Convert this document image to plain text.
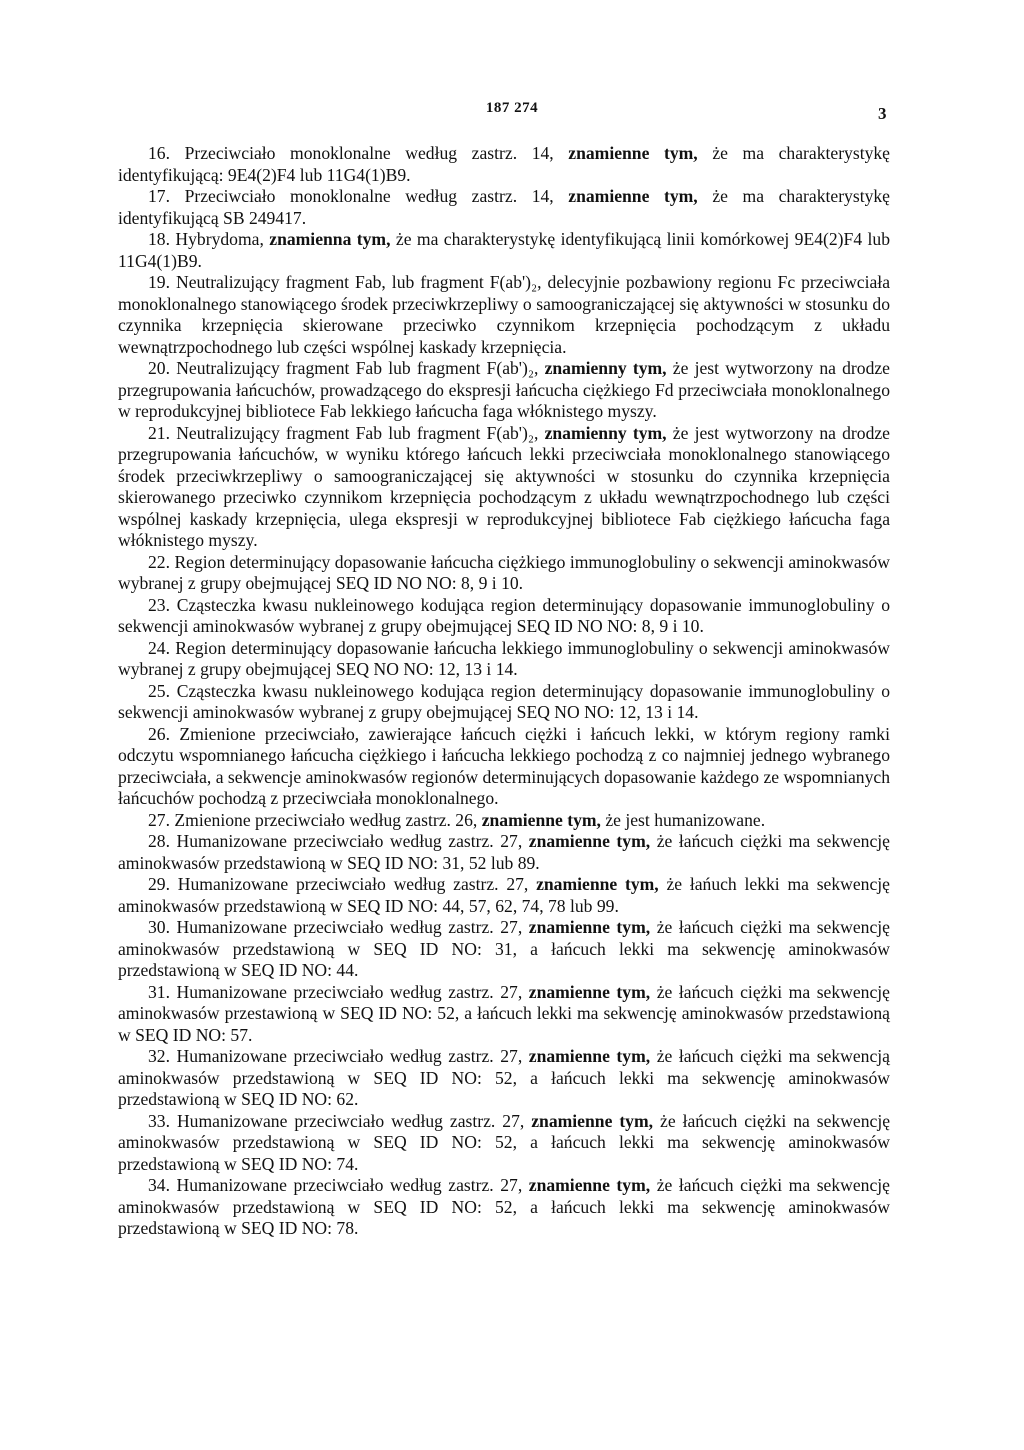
187 274	3

16. Przeciwciało monoklonalne według zastrz. 14, znamienne tym, że ma charakterystykę identyfikującą: 9E4(2)F4 lub 11G4(1)B9.

17. Przeciwciało monoklonalne według zastrz. 14, znamienne tym, że ma charakterystykę identyfikującą SB 249417.

18. Hybrydoma, znamienna tym, że ma charakterystykę identyfikującą linii komórkowej 9E4(2)F4 lub 11G4(1)B9.

19. Neutralizujący fragment Fab, lub fragment F(ab')₂, delecyjnie pozbawiony regionu Fc przeciwciała monoklonalnego stanowiącego środek przeciwkrzepliwy o samoograniczającej się aktywności w stosunku do czynnika krzepnięcia skierowane przeciwko czynnikom krzepnięcia pochodzącym z układu wewnątrzpochodnego lub części wspólnej kaskady krzepnięcia.

20. Neutralizujący fragment Fab lub fragment F(ab')₂, znamienny tym, że jest wytworzony na drodze przegrupowania łańcuchów, prowadzącego do ekspresji łańcucha ciężkiego Fd przeciwciała monoklonalnego w reprodukcyjnej bibliotece Fab lekkiego łańcucha faga włóknistego myszy.

21. Neutralizujący fragment Fab lub fragment F(ab')₂, znamienny tym, że jest wytworzony na drodze przegrupowania łańcuchów, w wyniku którego łańcuch lekki przeciwciała monoklonalnego stanowiącego środek przeciwkrzepliwy o samoograniczającej się aktywności w stosunku do czynnika krzepnięcia skierowanego przeciwko czynnikom krzepnięcia pochodzącym z układu wewnątrzpochodnego lub części wspólnej kaskady krzepnięcia, ulega ekspresji w reprodukcyjnej bibliotece Fab ciężkiego łańcucha faga włóknistego myszy.

22. Region determinujący dopasowanie łańcucha ciężkiego immunoglobuliny o sekwencji aminokwasów wybranej z grupy obejmującej SEQ ID NO NO: 8, 9 i 10.

23. Cząsteczka kwasu nukleinowego kodująca region determinujący dopasowanie immunoglobuliny o sekwencji aminokwasów wybranej z grupy obejmującej SEQ ID NO NO: 8, 9 i 10.

24. Region determinujący dopasowanie łańcucha lekkiego immunoglobuliny o sekwencji aminokwasów wybranej z grupy obejmującej SEQ NO NO: 12, 13 i 14.

25. Cząsteczka kwasu nukleinowego kodująca region determinujący dopasowanie immunoglobuliny o sekwencji aminokwasów wybranej z grupy obejmującej SEQ NO NO: 12, 13 i 14.

26. Zmienione przeciwciało, zawierające łańcuch ciężki i łańcuch lekki, w którym regiony ramki odczytu wspomnianego łańcucha ciężkiego i łańcucha lekkiego pochodzą z co najmniej jednego wybranego przeciwciała, a sekwencje aminokwasów regionów determinujących dopasowanie każdego ze wspomnianych łańcuchów pochodzą z przeciwciała monoklonalnego.

27. Zmienione przeciwciało według zastrz. 26, znamienne tym, że jest humanizowane.

28. Humanizowane przeciwciało według zastrz. 27, znamienne tym, że łańcuch ciężki ma sekwencję aminokwasów przedstawioną w SEQ ID NO: 31, 52 lub 89.

29. Humanizowane przeciwciało według zastrz. 27, znamienne tym, że łańuch lekki ma sekwencję aminokwasów przedstawioną w SEQ ID NO: 44, 57, 62, 74, 78 lub 99.

30. Humanizowane przeciwciało według zastrz. 27, znamienne tym, że łańcuch ciężki ma sekwencję aminokwasów przedstawioną w SEQ ID NO: 31, a łańcuch lekki ma sekwencję aminokwasów przedstawioną w SEQ ID NO: 44.

31. Humanizowane przeciwciało według zastrz. 27, znamienne tym, że łańcuch ciężki ma sekwencję aminokwasów przestawioną w SEQ ID NO: 52, a łańcuch lekki ma sekwencję aminokwasów przedstawioną w SEQ ID NO: 57.

32. Humanizowane przeciwciało według zastrz. 27, znamienne tym, że łańcuch ciężki ma sekwencją aminokwasów przedstawioną w SEQ ID NO: 52, a łańcuch lekki ma sekwencję aminokwasów przedstawioną w SEQ ID NO: 62.

33. Humanizowane przeciwciało według zastrz. 27, znamienne tym, że łańcuch ciężki na sekwencję aminokwasów przedstawioną w SEQ ID NO: 52, a łańcuch lekki ma sekwencję aminokwasów przedstawioną w SEQ ID NO: 74.

34. Humanizowane przeciwciało według zastrz. 27, znamienne tym, że łańcuch ciężki ma sekwencję aminokwasów przedstawioną w SEQ ID NO: 52, a łańcuch lekki ma sekwencję aminokwasów przedstawioną w SEQ ID NO: 78.
